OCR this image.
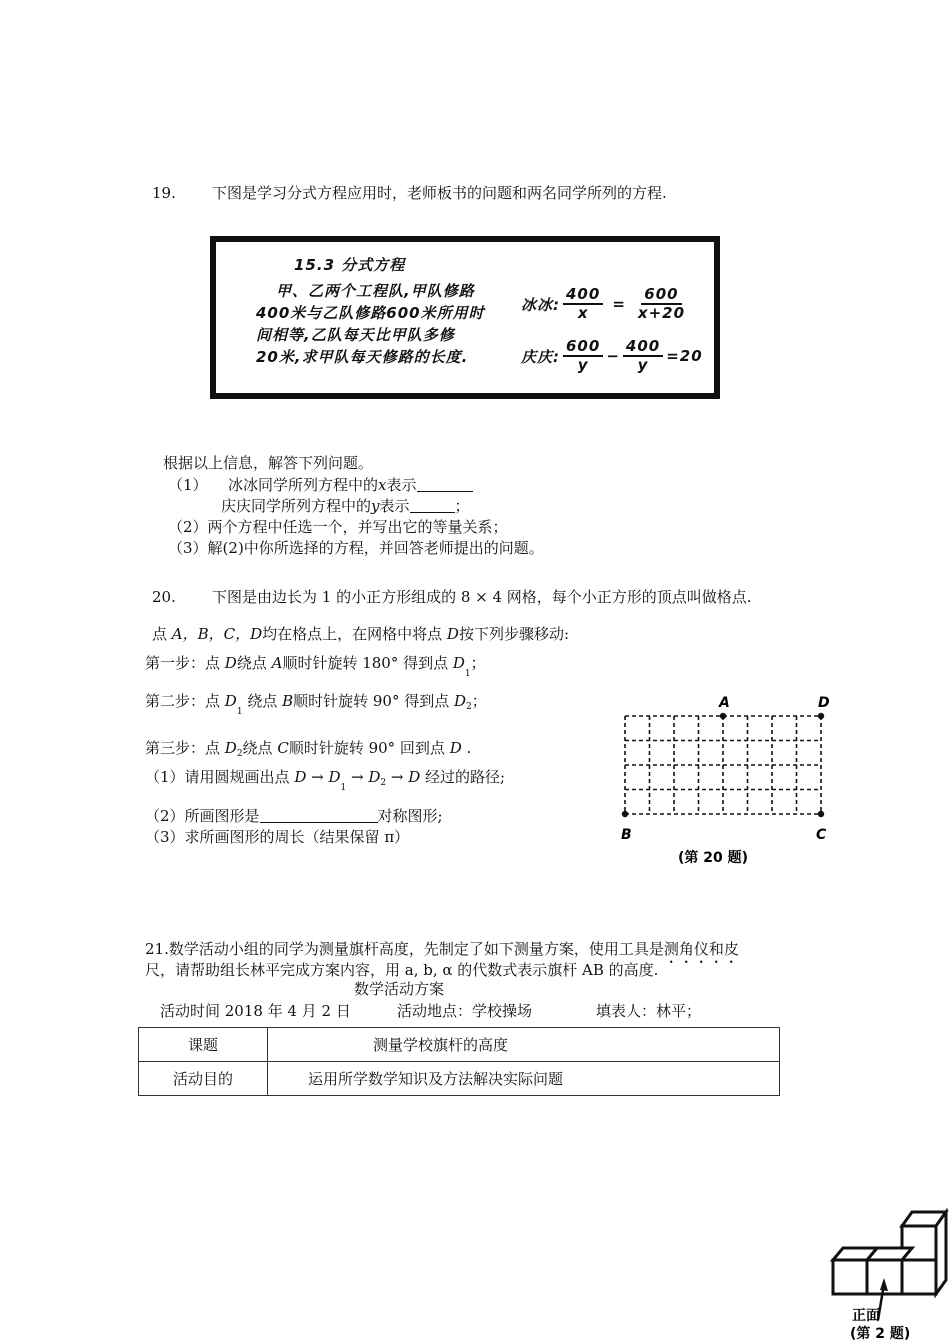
19. 下图是学习分式方程应用时，老师板书的问题和两名同学所列的方程.
15.3 分式方程
甲、乙两个工程队,甲队修路
400米与乙队修路600米所用时
间相等,乙队每天比甲队多修
20米,求甲队每天修路的长度.
冰冰: $\frac{400}{x} = \frac{600}{x+20}$
庆庆: $\frac{600}{y} - \frac{400}{y} =20$
根据以上信息，解答下列问题。
（1） 冰冰同学所列方程中的x表示
庆庆同学所列方程中的y表示	；
（2）两个方程中任选一个，并写出它的等量关系；
（3）解(2)中你所选择的方程，并回答老师提出的问题。
20. 下图是由边长为 1 的小正方形组成的 8 × 4 网格，每个小正方形的顶点叫做格点.
点 A，B，C，D均在格点上，在网格中将点 D按下列步骤移动:
第一步：点 D绕点 A顺时针旋转 180° 得到点 $D_1$；
第二步：点 $D_1$ 绕点 B顺时针旋转 90° 得到点 $D_2$；
第三步：点 $D_2$绕点 C顺时针旋转 90° 回到点 D .
（1）请用圆规画出点 $D \to D_1 \to D_2 \to D$ 经过的路径;
（2）所画图形是	对称图形;
（3）求所画图形的周长（结果保留 π）
A	D
B	C
(第 20 题)
21.数学活动小组的同学为测量旗杆高度，先制定了如下测量方案，使用工具是测角仪和皮
尺，请帮助组长林平完成方案内容，用 a, b, α 的代数式表示旗杆 AB 的高度.
数学活动方案
活动时间 2018 年 4 月 2 日	活动地点：学校操场	填表人：林平；
课题	测量学校旗杆的高度
活动目的	运用所学数学知识及方法解决实际问题
正面
(第 2 题)
